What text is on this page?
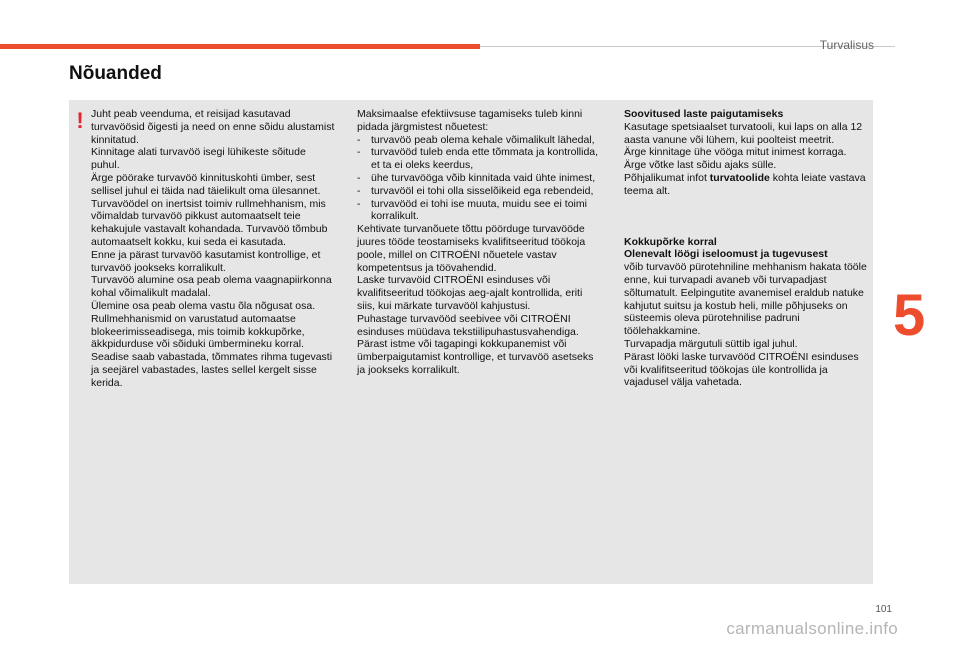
Turvalisus
Nõuanded
! Juht peab veenduma, et reisijad kasutavad turvavöösid õigesti ja need on enne sõidu alustamist kinnitatud.

Kinnitage alati turvavöö isegi lühikeste sõitude puhul.

Ärge pöörake turvavöö kinnituskohti ümber, sest sellisel juhul ei täida nad täielikult oma ülesannet.

Turvavöödel on inertsist toimiv rullmehhanism, mis võimaldab turvavöö pikkust automaatselt teie kehakujule vastavalt kohandada. Turvavöö tõmbub automaatselt kokku, kui seda ei kasutada.

Enne ja pärast turvavöö kasutamist kontrollige, et turvavöö jookseks korralikult.

Turvavöö alumine osa peab olema vaagnapiirkonna kohal võimalikult madalal.

Ülemine osa peab olema vastu õla nõgusat osa.

Rullmehhanismid on varustatud automaatse blokeerimisseadisega, mis toimib kokkupõrke, äkkpidurduse või sõiduki ümbermineku korral. Seadise saab vabastada, tõmmates rihma tugevasti ja seejärel vabastades, lastes sellel kergelt sisse kerida.

Maksimaalse efektiivsuse tagamiseks tuleb kinni pidada järgmistest nõuetest:

-	turvavöö peab olema kehale võimalikult lähedal,
-	turvavööd tuleb enda ette tõmmata ja kontrollida, et ta ei oleks keerdus,
-	ühe turvavööga võib kinnitada vaid ühte inimest,
-	turvavööl ei tohi olla sisselõikeid ega rebendeid,
-	turvavööd ei tohi ise muuta, muidu see ei toimi korralikult.

Kehtivate turvanõuete tõttu pöörduge turvavööde juures tööde teostamiseks kvalifitseeritud töökoja poole, millel on CITROËNI nõuetele vastav kompetentsus ja töövahendid.

Laske turvavöid CITROËNI esinduses või kvalifitseeritud töökojas aeg-ajalt kontrollida, eriti siis, kui märkate turvavööl kahjustusi.

Puhastage turvavööd seebivee või CITROËNI esinduses müüdava tekstiilipuhastusvahendiga.

Pärast istme või tagapingi kokkupanemist või ümberpaigutamist kontrollige, et turvavöö asetseks ja jookseks korralikult.

Soovitused laste paigutamiseks

Kasutage spetsiaalset turvatooli, kui laps on alla 12 aasta vanune või lühem, kui poolteist meetrit.

Ärge kinnitage ühe vööga mitut inimest korraga.

Ärge võtke last sõidu ajaks sülle.

Põhjalikumat infot turvatoolide kohta leiate vastava teema alt.

Kokkupõrke korral

Olenevalt löögi iseloomust ja tugevusest

võib turvavöö pürotehniline mehhanism hakata tööle enne, kui turvapadi avaneb või turvapadjast sõltumatult. Eelpingutite avanemisel eraldub natuke kahjutut suitsu ja kostub heli, mille põhjuseks on süsteemis oleva pürotehnilise padruni töölehakkamine.

Turvapadja märgutuli süttib igal juhul.

Pärast lööki laske turvavööd CITROËNI esinduses või kvalifitseeritud töökojas üle kontrollida ja vajadusel välja vahetada.

5
101
carmanualsonline.info
